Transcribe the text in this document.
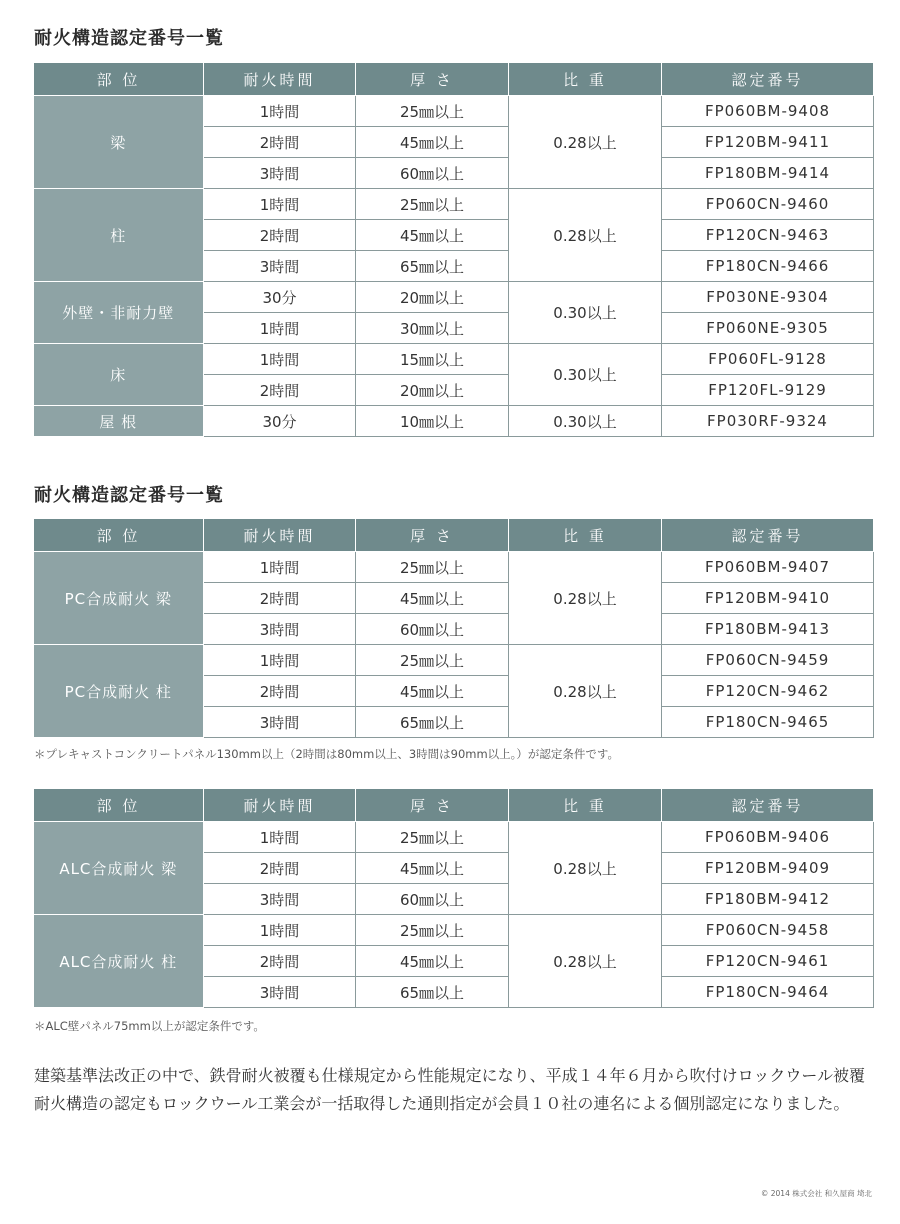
耐火構造認定番号一覧
部 位	耐火時間	厚 さ	比 重	認定番号
梁	1時間	25㎜以上	0.28以上	FP060BM-9408
	2時間	45㎜以上		FP120BM-9411
	3時間	60㎜以上		FP180BM-9414
柱	1時間	25㎜以上	0.28以上	FP060CN-9460
	2時間	45㎜以上		FP120CN-9463
	3時間	65㎜以上		FP180CN-9466
外壁・非耐力壁	30分	20㎜以上	0.30以上	FP030NE-9304
	1時間	30㎜以上		FP060NE-9305
床	1時間	15㎜以上	0.30以上	FP060FL-9128
	2時間	20㎜以上		FP120FL-9129
屋 根	30分	10㎜以上	0.30以上	FP030RF-9324
耐火構造認定番号一覧
部 位	耐火時間	厚 さ	比 重	認定番号
PC合成耐火 梁	1時間	25㎜以上	0.28以上	FP060BM-9407
	2時間	45㎜以上		FP120BM-9410
	3時間	60㎜以上		FP180BM-9413
PC合成耐火 柱	1時間	25㎜以上	0.28以上	FP060CN-9459
	2時間	45㎜以上		FP120CN-9462
	3時間	65㎜以上		FP180CN-9465
＊プレキャストコンクリートパネル130mm以上（2時間は80mm以上、3時間は90mm以上。）が認定条件です。
部 位	耐火時間	厚 さ	比 重	認定番号
ALC合成耐火 梁	1時間	25㎜以上	0.28以上	FP060BM-9406
	2時間	45㎜以上		FP120BM-9409
	3時間	60㎜以上		FP180BM-9412
ALC合成耐火 柱	1時間	25㎜以上	0.28以上	FP060CN-9458
	2時間	45㎜以上		FP120CN-9461
	3時間	65㎜以上		FP180CN-9464
＊ALC壁パネル75mm以上が認定条件です。

建築基準法改正の中で、鉄骨耐火被覆も仕様規定から性能規定になり、平成１４年６月から吹付けロックウール被覆耐火構造の認定もロックウール工業会が一括取得した通則指定が会員１０社の連名による個別認定になりました。

© 2014 株式会社 和久屋商 埼北
